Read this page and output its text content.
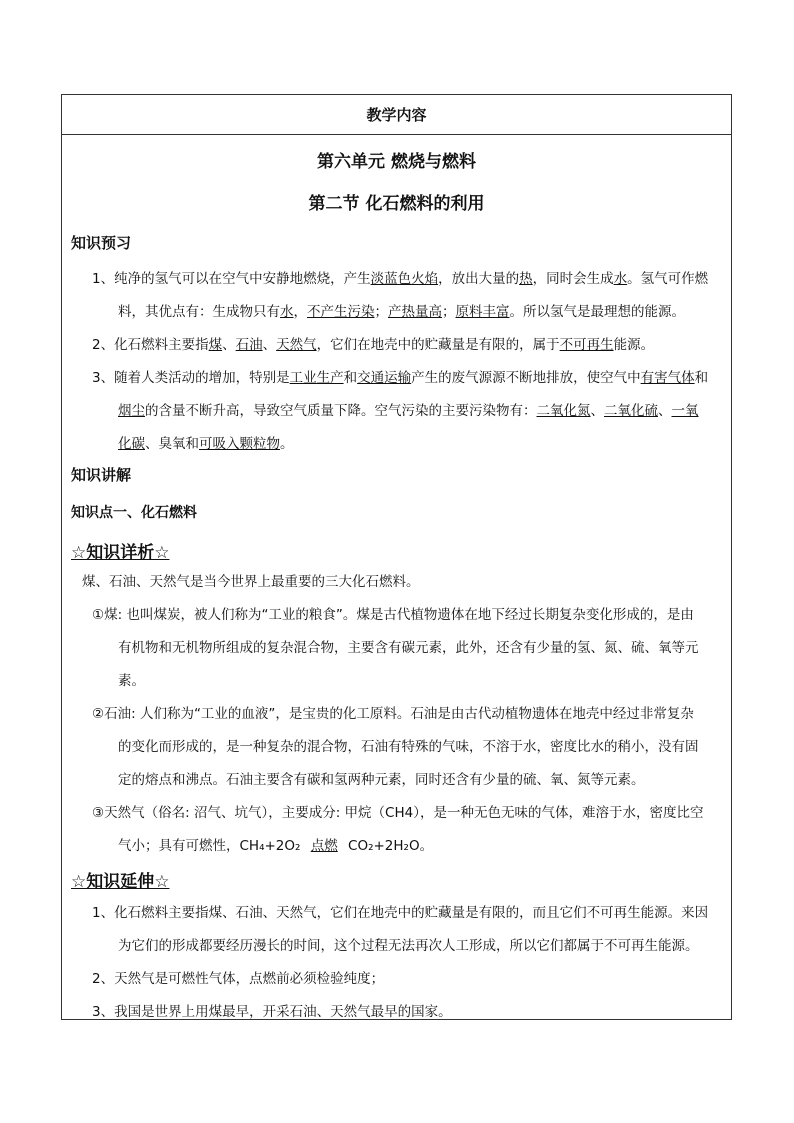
教学内容
第六单元 燃烧与燃料
第二节 化石燃料的利用
知识预习
1、纯净的氢气可以在空气中安静地燃烧，产生淡蓝色火焰，放出大量的热，同时会生成水。氢气可作燃
料，其优点有：生成物只有水，不产生污染；产热量高；原料丰富。所以氢气是最理想的能源。
2、化石燃料主要指煤、石油、天然气，它们在地壳中的贮藏量是有限的，属于不可再生能源。
3、随着人类活动的增加，特别是工业生产和交通运输产生的废气源源不断地排放，使空气中有害气体和
烟尘的含量不断升高，导致空气质量下降。空气污染的主要污染物有：二氧化氮、二氧化硫、一氧
化碳、臭氧和可吸入颗粒物。
知识讲解
知识点一、化石燃料
☆知识详析☆
煤、石油、天然气是当今世界上最重要的三大化石燃料。
①煤: 也叫煤炭，被人们称为“工业的粮食”。煤是古代植物遗体在地下经过长期复杂变化形成的，是由
有机物和无机物所组成的复杂混合物，主要含有碳元素，此外，还含有少量的氢、氮、硫、氧等元
素。
②石油: 人们称为“工业的血液”，是宝贵的化工原料。石油是由古代动植物遗体在地壳中经过非常复杂
的变化而形成的，是一种复杂的混合物，石油有特殊的气味，不溶于水，密度比水的稍小，没有固
定的熔点和沸点。石油主要含有碳和氢两种元素，同时还含有少量的硫、氧、氮等元素。
③天然气（俗名: 沼气、坑气），主要成分: 甲烷（CH4），是一种无色无味的气体，难溶于水，密度比空
气小；具有可燃性，CH₄+2O₂ 点燃 CO₂+2H₂O。
☆知识延伸☆
1、化石燃料主要指煤、石油、天然气，它们在地壳中的贮藏量是有限的，而且它们不可再生能源。来因
为它们的形成都要经历漫长的时间，这个过程无法再次人工形成，所以它们都属于不可再生能源。
2、天然气是可燃性气体，点燃前必须检验纯度；
3、我国是世界上用煤最早，开采石油、天然气最早的国家。
